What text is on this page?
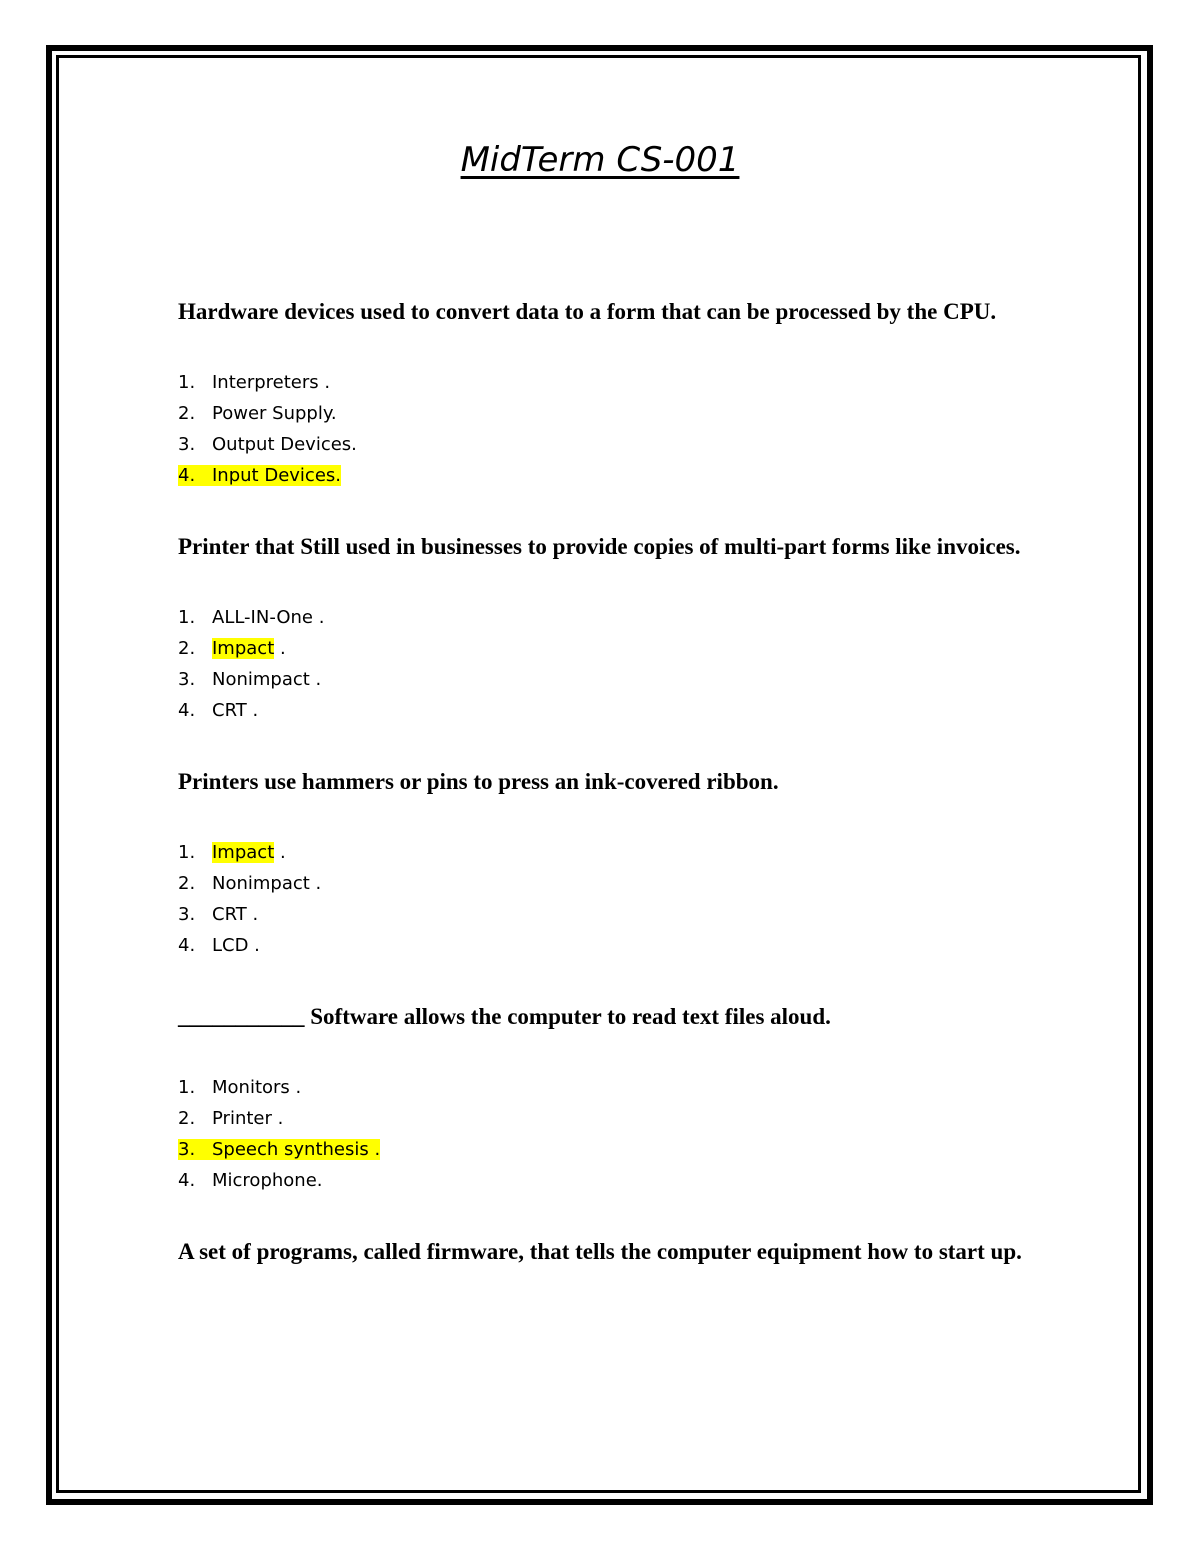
MidTerm CS-001

Hardware devices used to convert data to a form that can be processed by the CPU.

1. Interpreters .
2. Power Supply.
3. Output Devices.
4. Input Devices.

Printer that Still used in businesses to provide copies of multi-part forms like invoices.

1. ALL-IN-One .
2. Impact .
3. Nonimpact .
4. CRT .

Printers use hammers or pins to press an ink-covered ribbon.

1. Impact .
2. Nonimpact .
3. CRT .
4. LCD .

___________ Software allows the computer to read text files aloud.

1. Monitors .
2. Printer .
3. Speech synthesis .
4. Microphone.

A set of programs, called firmware, that tells the computer equipment how to start up.
